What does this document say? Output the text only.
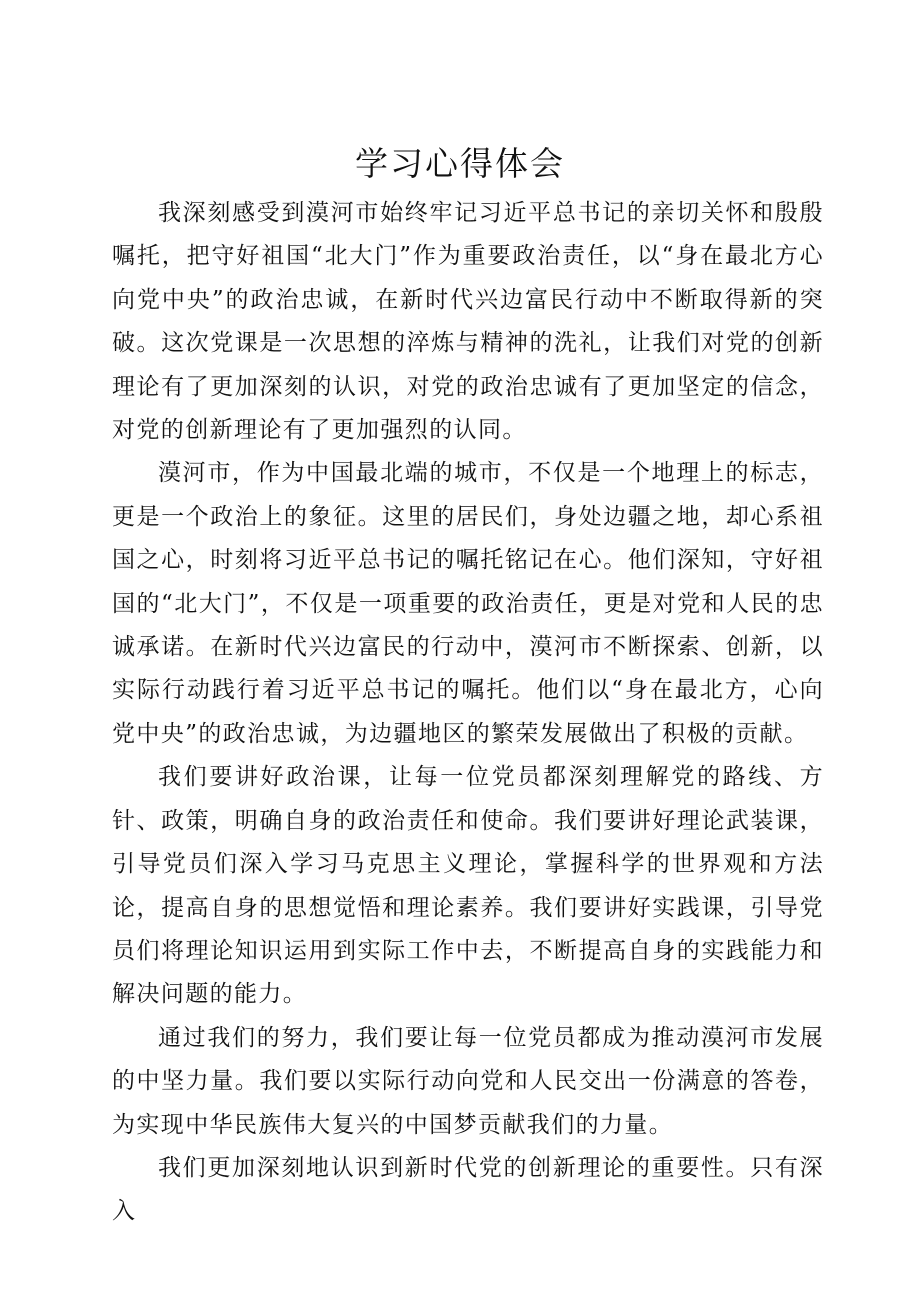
学习心得体会

我深刻感受到漠河市始终牢记习近平总书记的亲切关怀和殷殷嘱托，把守好祖国“北大门”作为重要政治责任，以“身在最北方心向党中央”的政治忠诚，在新时代兴边富民行动中不断取得新的突破。这次党课是一次思想的淬炼与精神的洗礼，让我们对党的创新理论有了更加深刻的认识，对党的政治忠诚有了更加坚定的信念，对党的创新理论有了更加强烈的认同。

漠河市，作为中国最北端的城市，不仅是一个地理上的标志，更是一个政治上的象征。这里的居民们，身处边疆之地，却心系祖国之心，时刻将习近平总书记的嘱托铭记在心。他们深知，守好祖国的“北大门”，不仅是一项重要的政治责任，更是对党和人民的忠诚承诺。在新时代兴边富民的行动中，漠河市不断探索、创新，以实际行动践行着习近平总书记的嘱托。他们以“身在最北方，心向党中央”的政治忠诚，为边疆地区的繁荣发展做出了积极的贡献。

我们要讲好政治课，让每一位党员都深刻理解党的路线、方针、政策，明确自身的政治责任和使命。我们要讲好理论武装课，引导党员们深入学习马克思主义理论，掌握科学的世界观和方法论，提高自身的思想觉悟和理论素养。我们要讲好实践课，引导党员们将理论知识运用到实际工作中去，不断提高自身的实践能力和解决问题的能力。

通过我们的努力，我们要让每一位党员都成为推动漠河市发展的中坚力量。我们要以实际行动向党和人民交出一份满意的答卷，为实现中华民族伟大复兴的中国梦贡献我们的力量。

我们更加深刻地认识到新时代党的创新理论的重要性。只有深入
